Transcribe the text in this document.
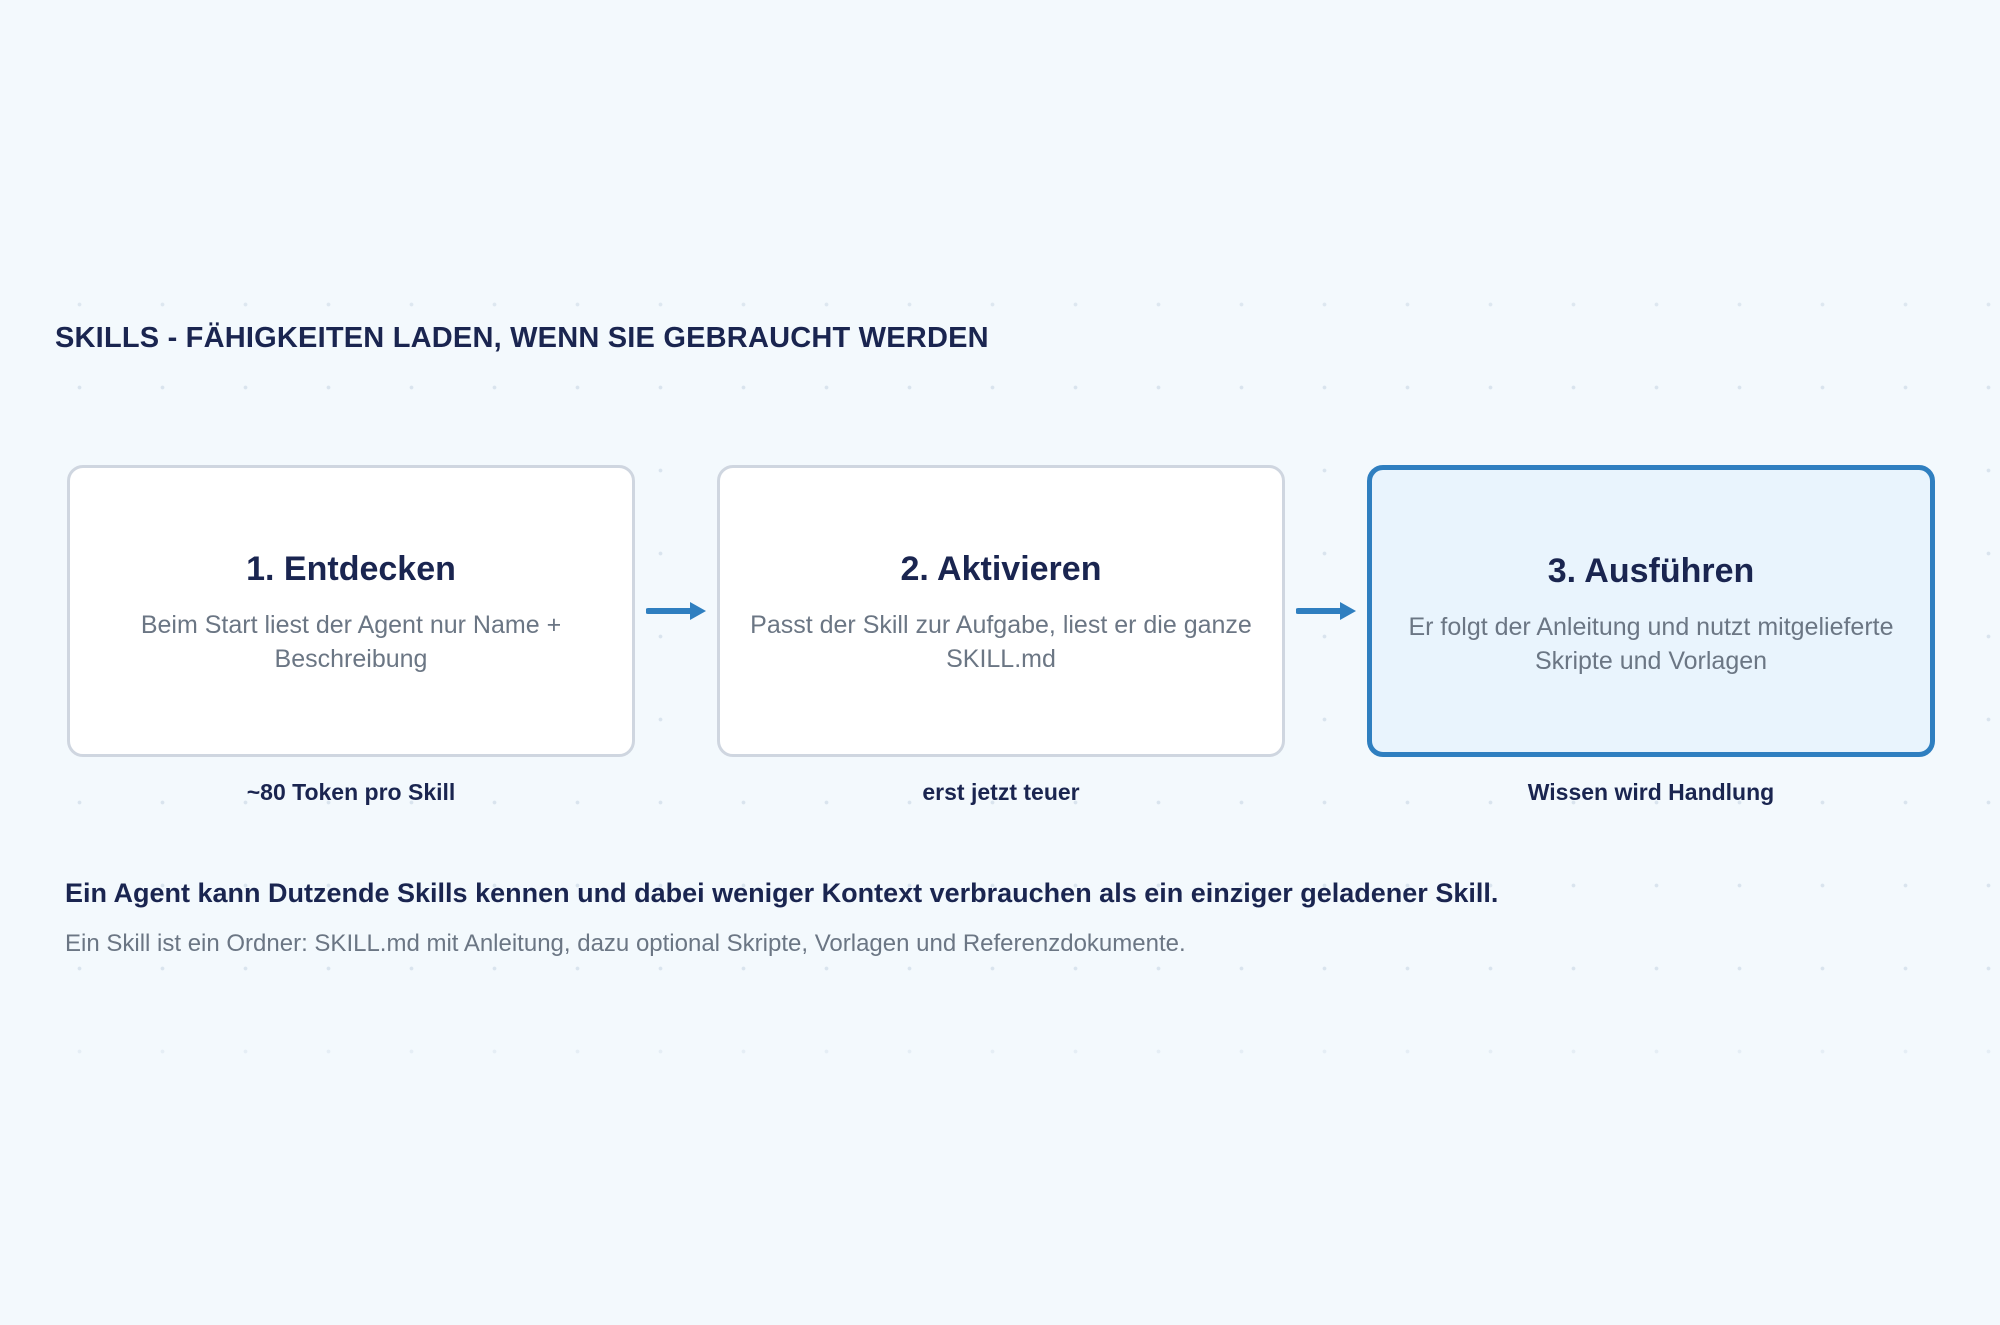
SKILLS - FÄHIGKEITEN LADEN, WENN SIE GEBRAUCHT WERDEN
1. Entdecken
Beim Start liest der Agent nur Name + Beschreibung
~80 Token pro Skill
2. Aktivieren
Passt der Skill zur Aufgabe, liest er die ganze SKILL.md
erst jetzt teuer
3. Ausführen
Er folgt der Anleitung und nutzt mitgelieferte Skripte und Vorlagen
Wissen wird Handlung
Ein Agent kann Dutzende Skills kennen und dabei weniger Kontext verbrauchen als ein einziger geladener Skill.
Ein Skill ist ein Ordner: SKILL.md mit Anleitung, dazu optional Skripte, Vorlagen und Referenzdokumente.
